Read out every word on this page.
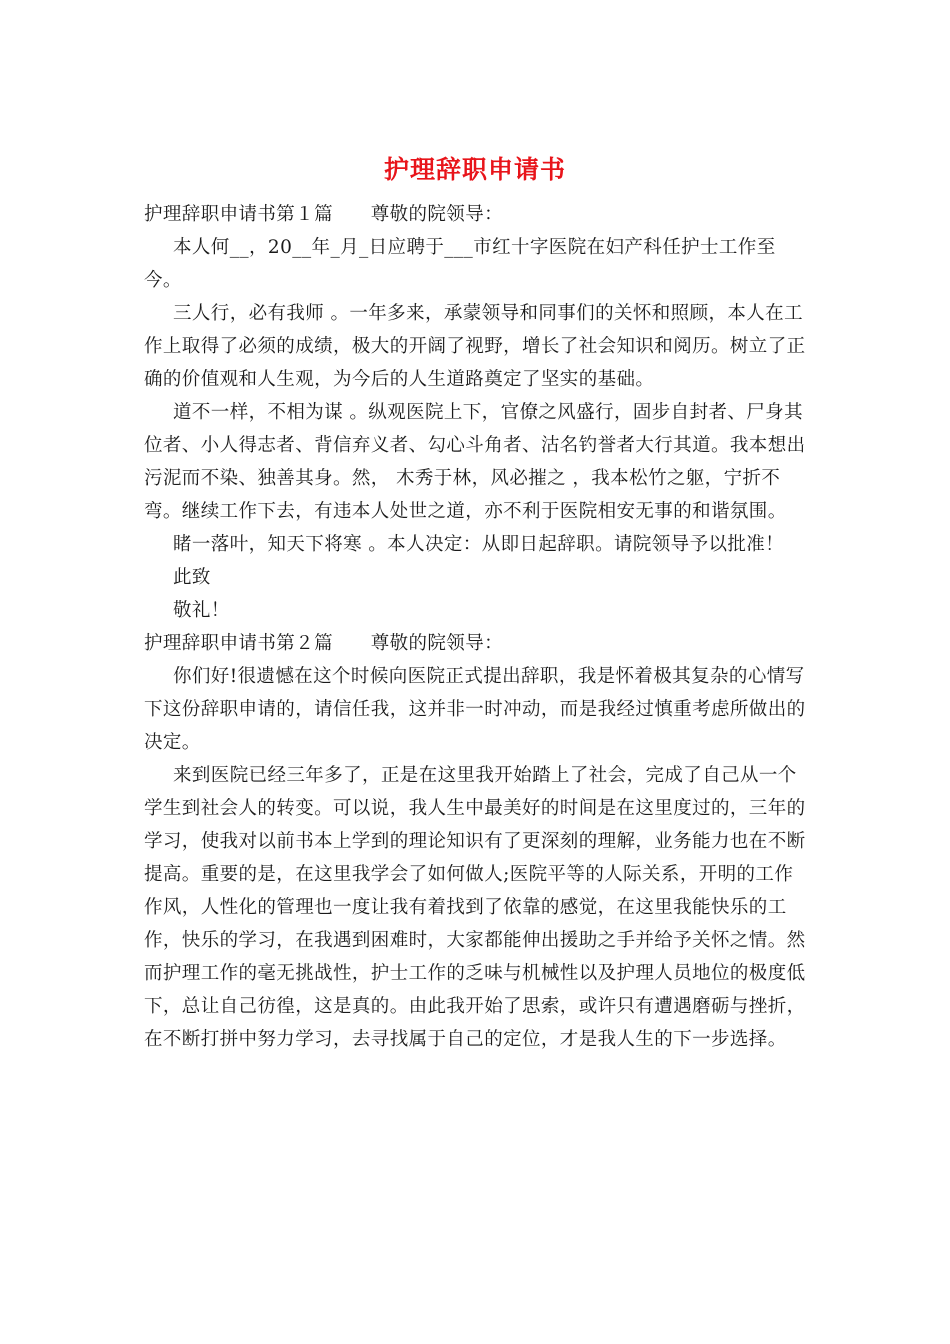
护理辞职申请书

护理辞职申请书第１篇 尊敬的院领导：

本人何__，20__年_月_日应聘于___市红十字医院在妇产科任护士工作至今。

三人行，必有我师 。一年多来，承蒙领导和同事们的关怀和照顾，本人在工作上取得了必须的成绩，极大的开阔了视野，增长了社会知识和阅历。树立了正确的价值观和人生观，为今后的人生道路奠定了坚实的基础。

道不一样，不相为谋 。纵观医院上下，官僚之风盛行，固步自封者、尸身其位者、小人得志者、背信弃义者、勾心斗角者、沽名钓誉者大行其道。我本想出污泥而不染、独善其身。然， 木秀于林，风必摧之 ，我本松竹之躯，宁折不弯。继续工作下去，有违本人处世之道，亦不利于医院相安无事的和谐氛围。

睹一落叶，知天下将寒 。本人决定：从即日起辞职。请院领导予以批准！

此致

敬礼！

护理辞职申请书第２篇 尊敬的院领导：

你们好!很遗憾在这个时候向医院正式提出辞职，我是怀着极其复杂的心情写下这份辞职申请的，请信任我，这并非一时冲动，而是我经过慎重考虑所做出的决定。

来到医院已经三年多了，正是在这里我开始踏上了社会，完成了自己从一个学生到社会人的转变。可以说，我人生中最美好的时间是在这里度过的，三年的学习，使我对以前书本上学到的理论知识有了更深刻的理解，业务能力也在不断提高。重要的是，在这里我学会了如何做人;医院平等的人际关系，开明的工作作风，人性化的管理也一度让我有着找到了依靠的感觉，在这里我能快乐的工作，快乐的学习，在我遇到困难时，大家都能伸出援助之手并给予关怀之情。然而护理工作的毫无挑战性，护士工作的乏味与机械性以及护理人员地位的极度低下，总让自己彷徨，这是真的。由此我开始了思索，或许只有遭遇磨砺与挫折，在不断打拼中努力学习，去寻找属于自己的定位，才是我人生的下一步选择。
